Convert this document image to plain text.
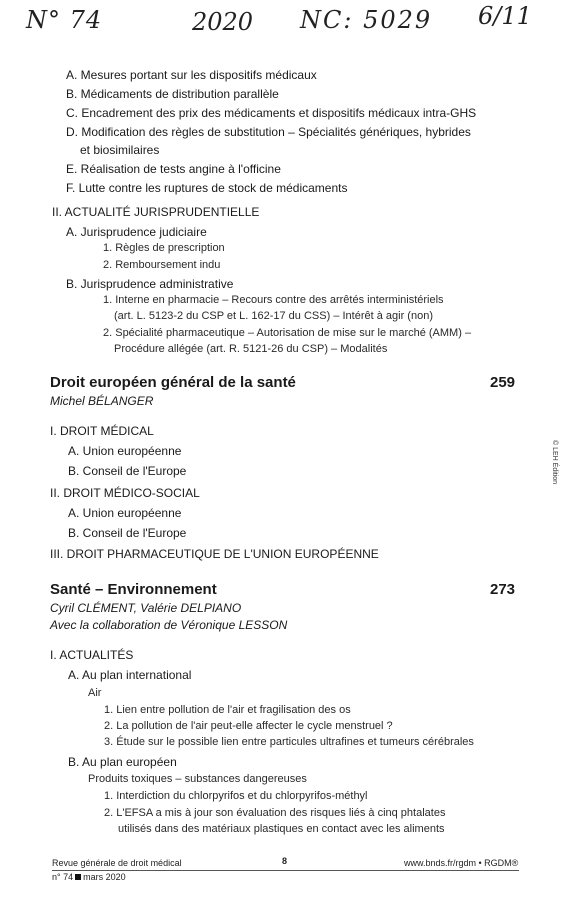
N° 74	2020 NC: 5029 6/11
A. Mesures portant sur les dispositifs médicaux
B. Médicaments de distribution parallèle
C. Encadrement des prix des médicaments et dispositifs médicaux intra-GHS
D. Modification des règles de substitution – Spécialités génériques, hybrides
et biosimilaires
E. Réalisation de tests angine à l'officine
F. Lutte contre les ruptures de stock de médicaments
II. ACTUALITÉ JURISPRUDENTIELLE
A. Jurisprudence judiciaire
1. Règles de prescription
2. Remboursement indu
B. Jurisprudence administrative
1. Interne en pharmacie – Recours contre des arrêtés interministériels
(art. L. 5123-2 du CSP et L. 162-17 du CSS) – Intérêt à agir (non)
2. Spécialité pharmaceutique – Autorisation de mise sur le marché (AMM) –
Procédure allégée (art. R. 5121-26 du CSP) – Modalités
Droit européen général de la santé	259
Michel BÉLANGER
I. DROIT MÉDICAL
A. Union européenne
B. Conseil de l'Europe
II. DROIT MÉDICO-SOCIAL
A. Union européenne
B. Conseil de l'Europe
III. DROIT PHARMACEUTIQUE DE L'UNION EUROPÉENNE
Santé – Environnement	273
Cyril CLÉMENT, Valérie DELPIANO
Avec la collaboration de Véronique LESSON
I. ACTUALITÉS
A. Au plan international
Air
1. Lien entre pollution de l'air et fragilisation des os
2. La pollution de l'air peut-elle affecter le cycle menstruel ?
3. Étude sur le possible lien entre particules ultrafines et tumeurs cérébrales
B. Au plan européen
Produits toxiques – substances dangereuses
1. Interdiction du chlorpyrifos et du chlorpyrifos-méthyl
2. L'EFSA a mis à jour son évaluation des risques liés à cinq phtalates
utilisés dans des matériaux plastiques en contact avec les aliments
© LEH Édition
Revue générale de droit médical	8	www.bnds.fr/rgdm • RGDM®
n° 74 mars 2020
